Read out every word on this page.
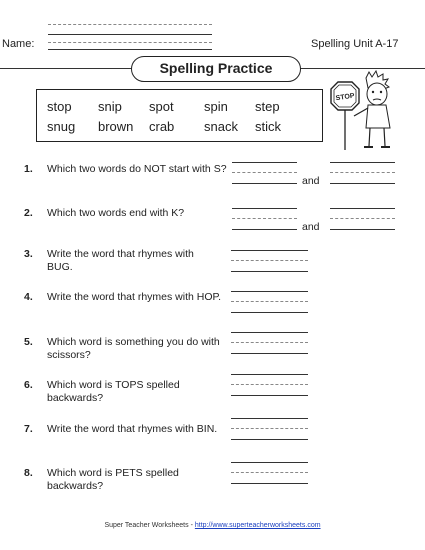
Name:	Spelling Unit A-17
Spelling Practice
stop snip spot spin step
snug brown crab snack stick
STOP
1. Which two words do NOT start with S?
and
2. Which two words end with K?
and
3. Write the word that rhymes with BUG.
4. Write the word that rhymes with HOP.
5. Which word is something you do with scissors?
6. Which word is TOPS spelled backwards?
7. Write the word that rhymes with BIN.
8. Which word is PETS spelled backwards?
Super Teacher Worksheets - http://www.superteacherworksheets.com
